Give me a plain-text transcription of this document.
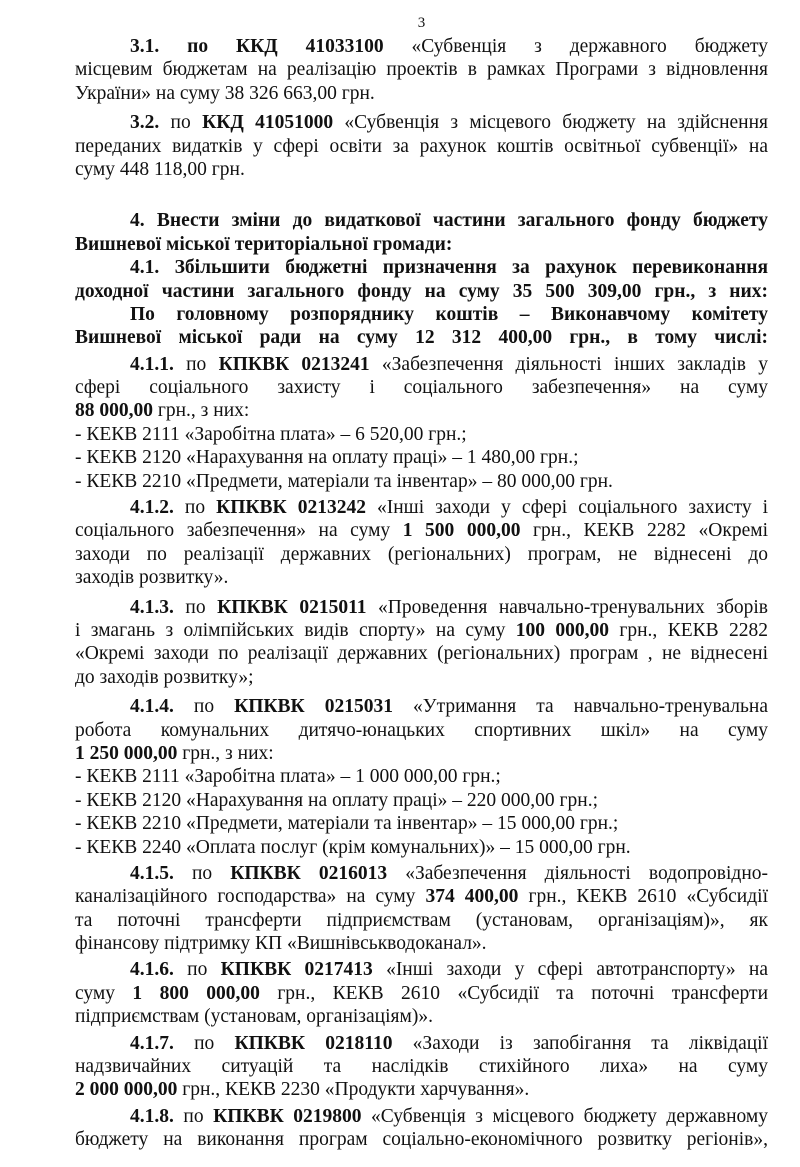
3
3.1. по ККД 41033100 «Субвенція з державного бюджету
місцевим бюджетам на реалізацію проектів в рамках Програми з відновлення
України» на суму 38 326 663,00 грн.
3.2. по ККД 41051000 «Субвенція з місцевого бюджету на здійснення
переданих видатків у сфері освіти за рахунок коштів освітньої субвенції» на
суму 448 118,00 грн.
4. Внести зміни до видаткової частини загального фонду бюджету
Вишневої міської територіальної громади:
4.1. Збільшити бюджетні призначення за рахунок перевиконання
доходної частини загального фонду на суму 35 500 309,00 грн., з них:
По головному розпоряднику коштів – Виконавчому комітету
Вишневої міської ради на суму 12 312 400,00 грн., в тому числі:
4.1.1. по КПКВК 0213241 «Забезпечення діяльності інших закладів у
сфері соціального захисту і соціального забезпечення» на суму
88 000,00 грн., з них:
- КЕКВ 2111 «Заробітна плата» – 6 520,00 грн.;
- КЕКВ 2120 «Нарахування на оплату праці» – 1 480,00 грн.;
- КЕКВ 2210 «Предмети, матеріали та інвентар» – 80 000,00 грн.
4.1.2. по КПКВК 0213242 «Інші заходи у сфері соціального захисту і
соціального забезпечення» на суму 1 500 000,00 грн., КЕКВ 2282 «Окремі
заходи по реалізації державних (регіональних) програм, не віднесені до
заходів розвитку».
4.1.3. по КПКВК 0215011 «Проведення навчально-тренувальних зборів
і змагань з олімпійських видів спорту» на суму 100 000,00 грн., КЕКВ 2282
«Окремі заходи по реалізації державних (регіональних) програм , не віднесені
до заходів розвитку»;
4.1.4. по КПКВК 0215031 «Утримання та навчально-тренувальна
робота комунальних дитячо-юнацьких спортивних шкіл» на суму
1 250 000,00 грн., з них:
- КЕКВ 2111 «Заробітна плата» – 1 000 000,00 грн.;
- КЕКВ 2120 «Нарахування на оплату праці» – 220 000,00 грн.;
- КЕКВ 2210 «Предмети, матеріали та інвентар» – 15 000,00 грн.;
- КЕКВ 2240 «Оплата послуг (крім комунальних)» – 15 000,00 грн.
4.1.5. по КПКВК 0216013 «Забезпечення діяльності водопровідно-
каналізаційного господарства» на суму 374 400,00 грн., КЕКВ 2610 «Субсидії
та поточні трансферти підприємствам (установам, організаціям)», як
фінансову підтримку КП «Вишнівськводоканал».
4.1.6. по КПКВК 0217413 «Інші заходи у сфері автотранспорту» на
суму 1 800 000,00 грн., КЕКВ 2610 «Субсидії та поточні трансферти
підприємствам (установам, організаціям)».
4.1.7. по КПКВК 0218110 «Заходи із запобігання та ліквідації
надзвичайних ситуацій та наслідків стихійного лиха» на суму
2 000 000,00 грн., КЕКВ 2230 «Продукти харчування».
4.1.8. по КПКВК 0219800 «Субвенція з місцевого бюджету державному
бюджету на виконання програм соціально-економічного розвитку регіонів»,
